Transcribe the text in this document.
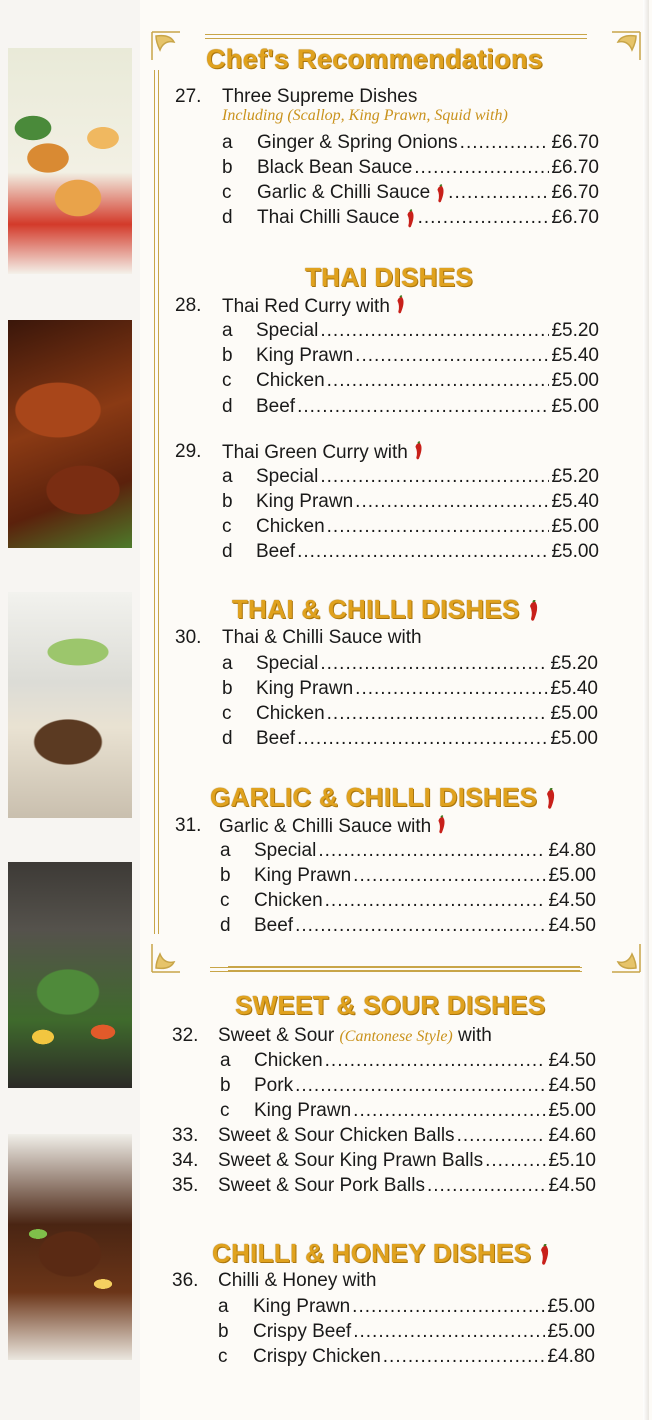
Chef's Recommendations
THAI DISHES
THAI & CHILLI DISHES
GARLIC & CHILLI DISHES
SWEET & SOUR DISHES
CHILLI & HONEY DISHES
27. Three Supreme Dishes
Including (Scallop, King Prawn, Squid with)
a Ginger & Spring Onions .....	£6.70
b Black Bean Sauce .....	£6.70
c Garlic & Chilli Sauce .....	£6.70
d Thai Chilli Sauce .....	£6.70
28. Thai Red Curry with
a Special .....	£5.20
b King Prawn .....	£5.40
c Chicken .....	£5.00
d Beef .....	£5.00
29. Thai Green Curry with
a Special .....	£5.20
b King Prawn .....	£5.40
c Chicken .....	£5.00
d Beef .....	£5.00
30. Thai & Chilli Sauce with
a Special .....	£5.20
b King Prawn .....	£5.40
c Chicken .....	£5.00
d Beef .....	£5.00
31. Garlic & Chilli Sauce with
a Special .....	£4.80
b King Prawn .....	£5.00
c Chicken .....	£4.50
d Beef .....	£4.50
32. Sweet & Sour (Cantonese Style) with
a Chicken .....	£4.50
b Pork .....	£4.50
c King Prawn .....	£5.00
33. Sweet & Sour Chicken Balls .....	£4.60
34. Sweet & Sour King Prawn Balls .....	£5.10
35. Sweet & Sour Pork Balls .....	£4.50
36. Chilli & Honey with
a King Prawn .....	£5.00
b Crispy Beef .....	£5.00
c Crispy Chicken .....	£4.80
